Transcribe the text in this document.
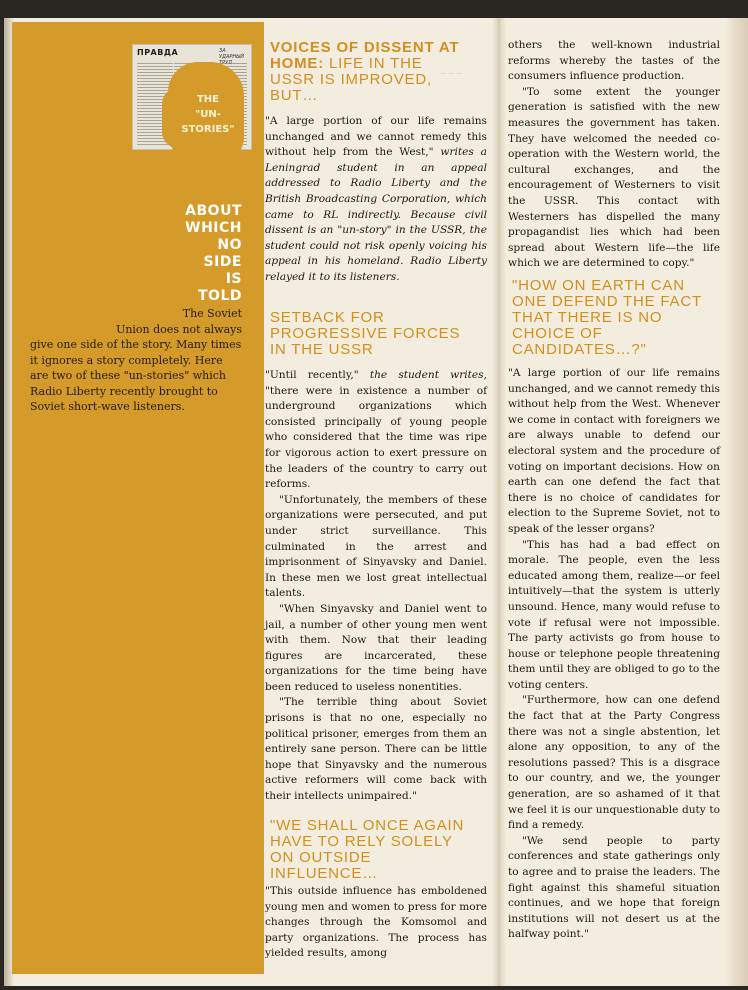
ПРАВДА	ЗА УДАРНЫЙ
THE
"UN-
STORIES"
ABOUT
WHICH
NO
SIDE
IS
TOLD
The Soviet
Union does not always
give one side of the story. Many times it ignores a story completely. Here are two of these "un-stories" which Radio Liberty recently brought to Soviet short-wave listeners.
— — —
VOICES OF DISSENT AT HOME: LIFE IN THE USSR IS IMPROVED, BUT…

"A large portion of our life remains unchanged and we cannot remedy this without help from the West," writes a Leningrad student in an appeal addressed to Radio Liberty and the British Broadcasting Corporation, which came to RL indirectly. Because civil dissent is an "un-story" in the USSR, the student could not risk openly voicing his appeal in his homeland. Radio Liberty relayed it to its listeners.

SETBACK FOR PROGRESSIVE FORCES IN THE USSR

"Until recently," the student writes, "there were in existence a number of underground organizations which consisted principally of young people who considered that the time was ripe for vigorous action to exert pressure on the leaders of the country to carry out reforms.

"Unfortunately, the members of these organizations were persecuted, and put under strict surveillance. This culminated in the arrest and imprisonment of Sinyavsky and Daniel. In these men we lost great intellectual talents.

"When Sinyavsky and Daniel went to jail, a number of other young men went with them. Now that their leading figures are incarcerated, these organizations for the time being have been reduced to useless nonentities.

"The terrible thing about Soviet prisons is that no one, especially no political prisoner, emerges from them an entirely sane person. There can be little hope that Sinyavsky and the numerous active reformers will come back with their intellects unimpaired."

"WE SHALL ONCE AGAIN HAVE TO RELY SOLELY ON OUTSIDE INFLUENCE…

"This outside influence has emboldened young men and women to press for more changes through the Komsomol and party organizations. The process has yielded results, among

others the well-known industrial reforms whereby the tastes of the consumers influence production.

"To some extent the younger generation is satisfied with the new measures the government has taken. They have welcomed the needed co-operation with the Western world, the cultural exchanges, and the encouragement of Westerners to visit the USSR. This contact with Westerners has dispelled the many propagandist lies which had been spread about Western life—the life which we are determined to copy."

"HOW ON EARTH CAN ONE DEFEND THE FACT THAT THERE IS NO CHOICE OF CANDIDATES…?"

"A large portion of our life remains unchanged, and we cannot remedy this without help from the West. Whenever we come in contact with foreigners we are always unable to defend our electoral system and the procedure of voting on important decisions. How on earth can one defend the fact that there is no choice of candidates for election to the Supreme Soviet, not to speak of the lesser organs?

"This has had a bad effect on morale. The people, even the less educated among them, realize—or feel intuitively—that the system is utterly unsound. Hence, many would refuse to vote if refusal were not impossible. The party activists go from house to house or telephone people threatening them until they are obliged to go to the voting centers.

"Furthermore, how can one defend the fact that at the Party Congress there was not a single abstention, let alone any opposition, to any of the resolutions passed? This is a disgrace to our country, and we, the younger generation, are so ashamed of it that we feel it is our unquestionable duty to find a remedy.

"We send people to party conferences and state gatherings only to agree and to praise the leaders. The fight against this shameful situation continues, and we hope that foreign institutions will not desert us at the halfway point."
